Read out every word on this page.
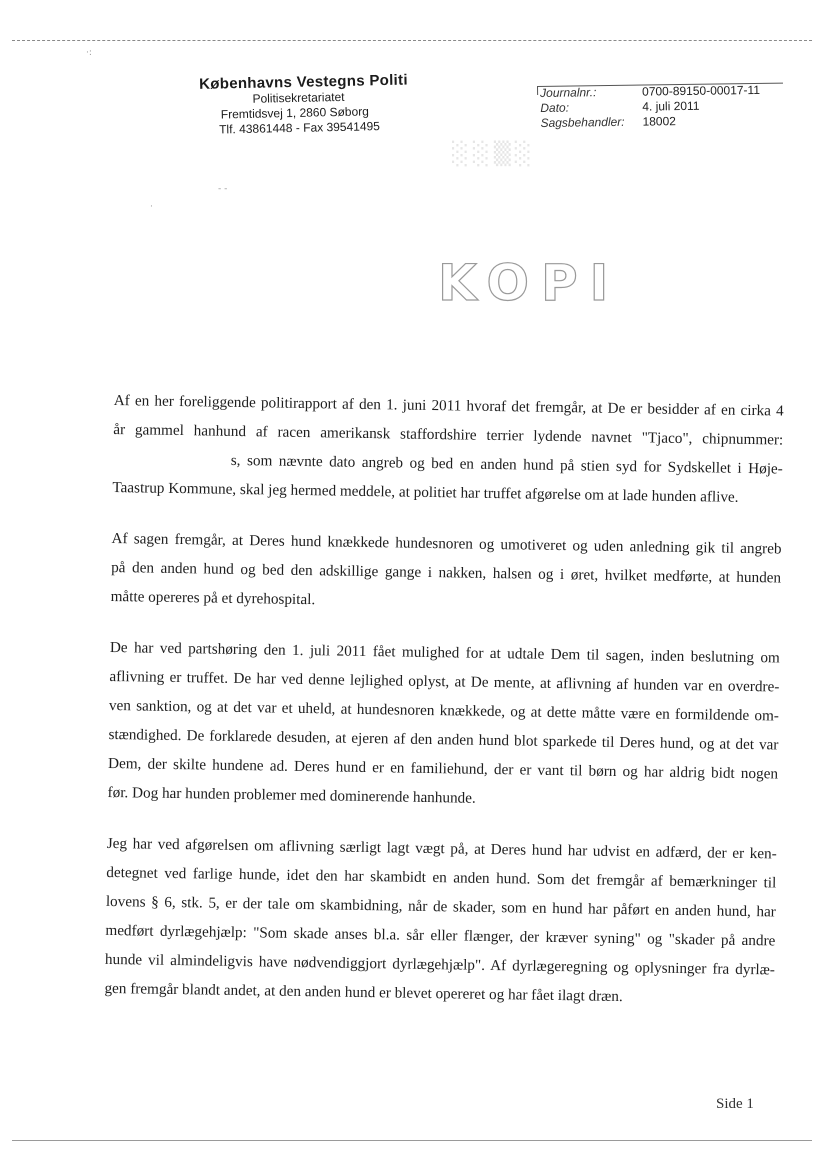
·:
·
- -
Københavns Vestegns Politi
Politisekretariatet
Fremtidsvej 1, 2860 Søborg
Tlf. 43861448 - Fax 39541495
Journalnr.:	0700-89150-00017-11
Dato:	4. juli 2011
Sagsbehandler:	18002
░░▒░
KOPI

Af en her foreliggende politirapport af den 1. juni 2011 hvoraf det fremgår, at De er besidder af en cirka 4
år gammel hanhund af racen amerikansk staffordshire terrier lydende navnet "Tjaco", chipnummer:
s, som nævnte dato angreb og bed en anden hund på stien syd for Sydskellet i Høje-
Taastrup Kommune, skal jeg hermed meddele, at politiet har truffet afgørelse om at lade hunden aflive.

Af sagen fremgår, at Deres hund knækkede hundesnoren og umotiveret og uden anledning gik til angreb
på den anden hund og bed den adskillige gange i nakken, halsen og i øret, hvilket medførte, at hunden
måtte opereres på et dyrehospital.

De har ved partshøring den 1. juli 2011 fået mulighed for at udtale Dem til sagen, inden beslutning om
aflivning er truffet. De har ved denne lejlighed oplyst, at De mente, at aflivning af hunden var en overdre-
ven sanktion, og at det var et uheld, at hundesnoren knækkede, og at dette måtte være en formildende om-
stændighed. De forklarede desuden, at ejeren af den anden hund blot sparkede til Deres hund, og at det var
Dem, der skilte hundene ad. Deres hund er en familiehund, der er vant til børn og har aldrig bidt nogen
før. Dog har hunden problemer med dominerende hanhunde.

Jeg har ved afgørelsen om aflivning særligt lagt vægt på, at Deres hund har udvist en adfærd, der er ken-
detegnet ved farlige hunde, idet den har skambidt en anden hund. Som det fremgår af bemærkninger til
lovens § 6, stk. 5, er der tale om skambidning, når de skader, som en hund har påført en anden hund, har
medført dyrlægehjælp: "Som skade anses bl.a. sår eller flænger, der kræver syning" og "skader på andre
hunde vil almindeligvis have nødvendiggjort dyrlægehjælp". Af dyrlægeregning og oplysninger fra dyrlæ-
gen fremgår blandt andet, at den anden hund er blevet opereret og har fået ilagt dræn.

Side 1
